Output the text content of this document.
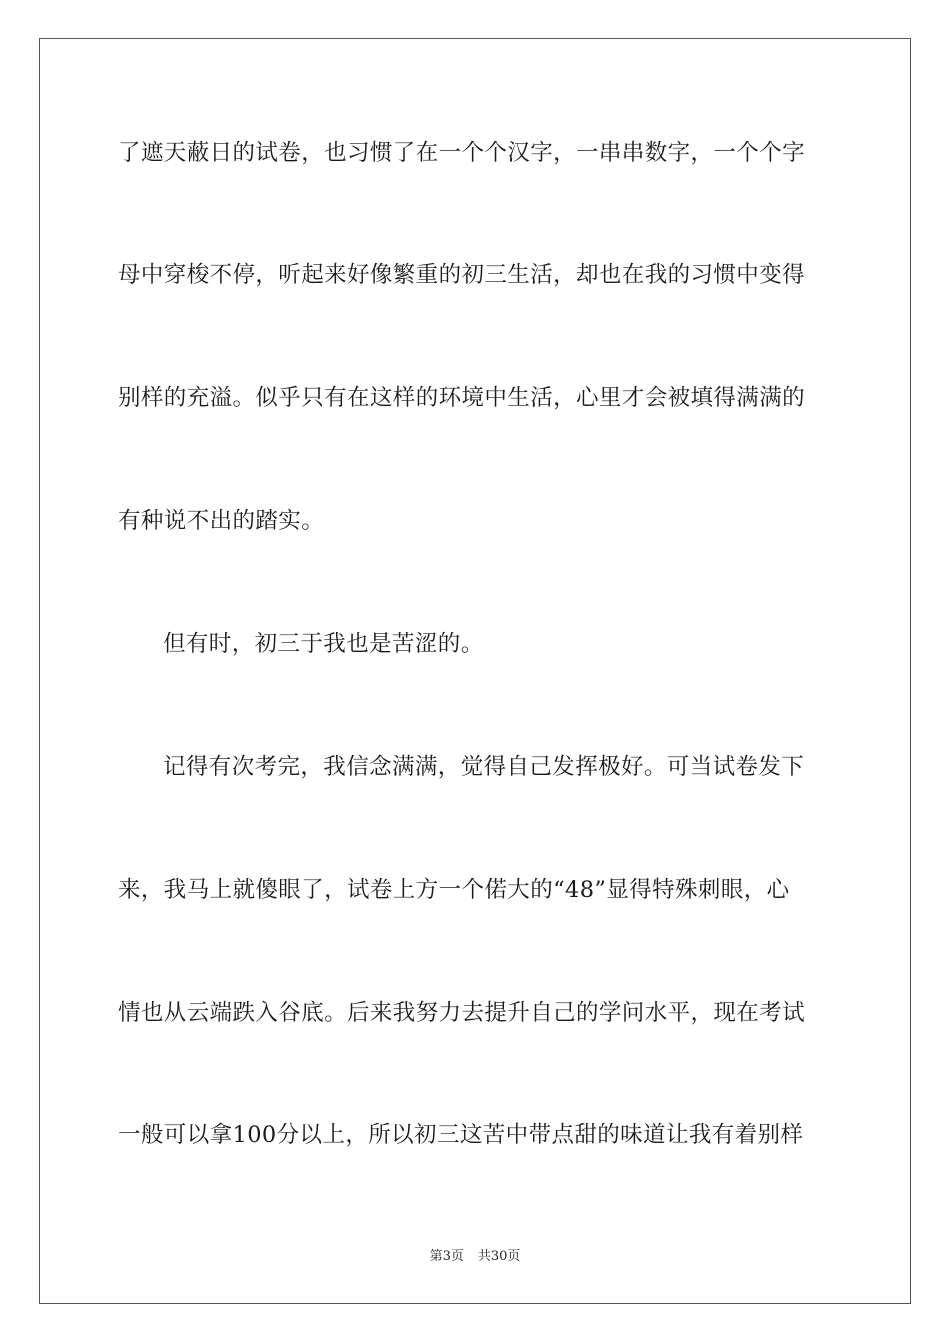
了遮天蔽日的试卷，也习惯了在一个个汉字，一串串数字，一个个字
母中穿梭不停，听起来好像繁重的初三生活，却也在我的习惯中变得
别样的充溢。似乎只有在这样的环境中生活，心里才会被填得满满的
有种说不出的踏实。
但有时，初三于我也是苦涩的。
记得有次考完，我信念满满，觉得自己发挥极好。可当试卷发下
来，我马上就傻眼了，试卷上方一个偌大的“48”显得特殊刺眼，心
情也从云端跌入谷底。后来我努力去提升自己的学问水平，现在考试
一般可以拿100分以上，所以初三这苦中带点甜的味道让我有着别样
第3页 共30页
